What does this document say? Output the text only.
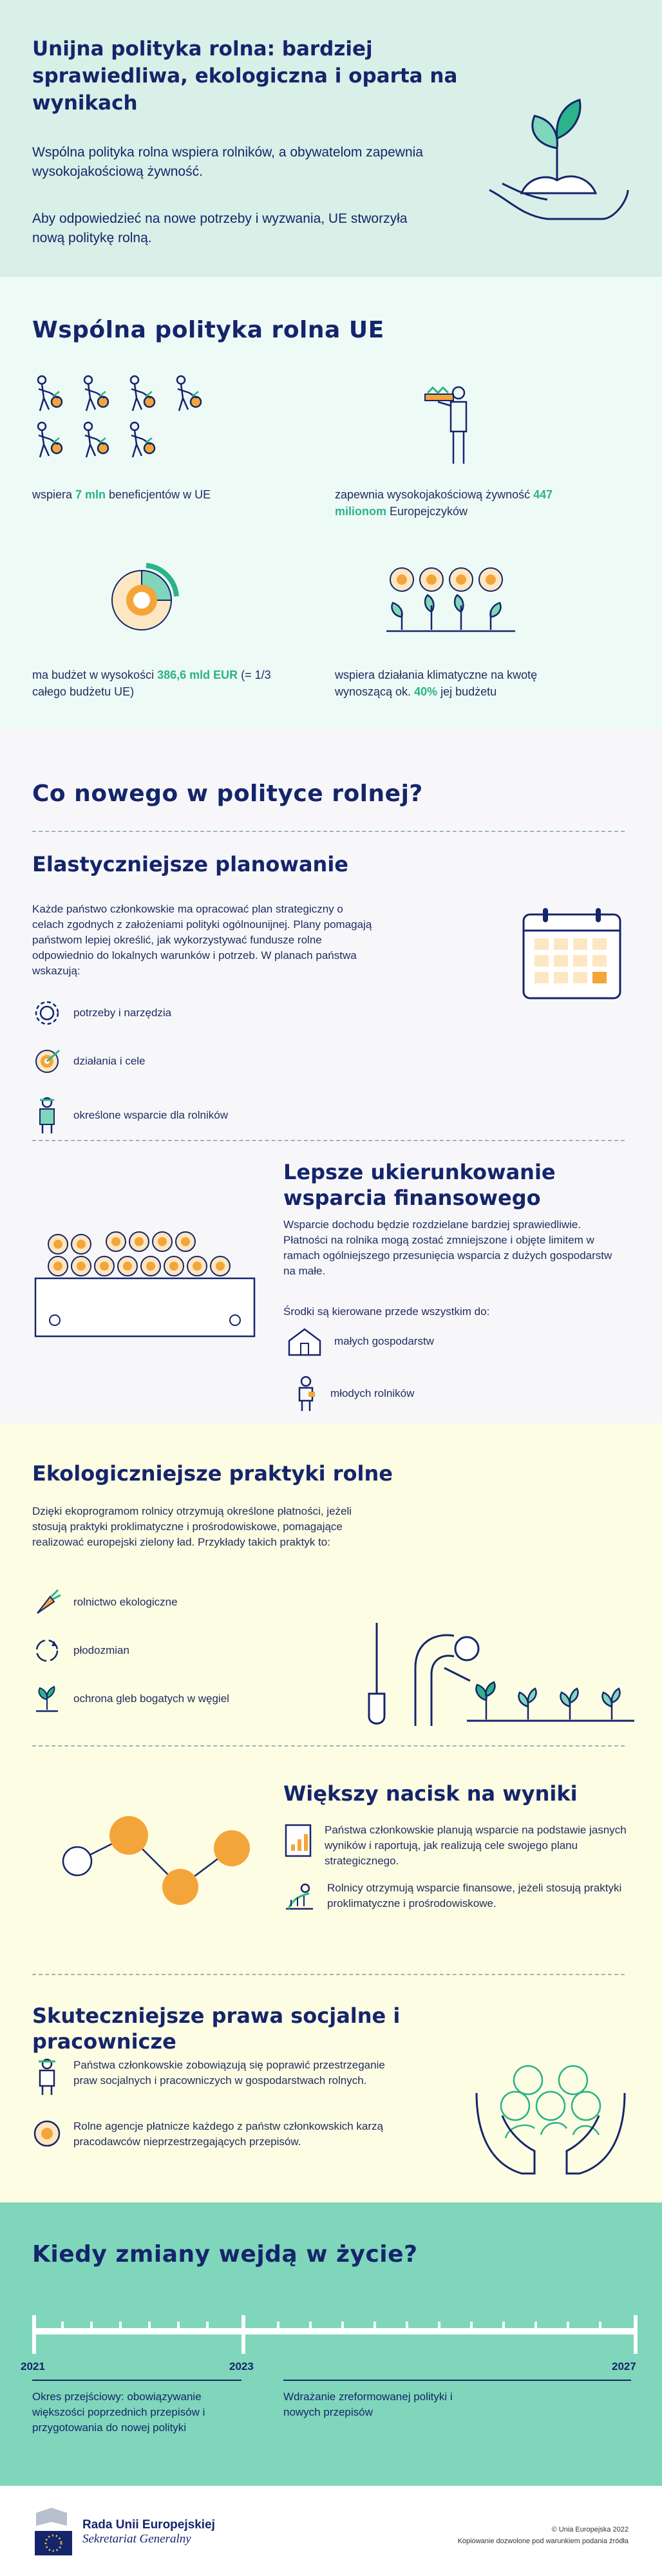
Unijna polityka rolna: bardziej sprawiedliwa, ekologiczna i oparta na wynikach

Wspólna polityka rolna wspiera rolników, a obywatelom zapewnia wysokojakościową żywność.

Aby odpowiedzieć na nowe potrzeby i wyzwania, UE stworzyła nową politykę rolną.

Wspólna polityka rolna UE

wspiera 7 mln beneficjentów w UE	zapewnia wysokojakościową żywność 447 milionom Europejczyków

ma budżet w wysokości 386,6 mld EUR (= 1/3 całego budżetu UE)

wspiera działania klimatyczne na kwotę wynoszącą ok. 40% jej budżetu

Co nowego w polityce rolnej?
Elastyczniejsze planowanie

Każde państwo członkowskie ma opracować plan strategiczny o celach zgodnych z założeniami polityki ogólnounijnej. Plany pomagają państwom lepiej określić, jak wykorzystywać fundusze rolne odpowiednio do lokalnych warunków i potrzeb. W planach państwa wskazują:

potrzeby i narzędzia
działania i cele
określone wsparcie dla rolników
Lepsze ukierunkowanie wsparcia finansowego

Wsparcie dochodu będzie rozdzielane bardziej sprawiedliwie. Płatności na rolnika mogą zostać zmniejszone i objęte limitem w ramach ogólniejszego przesunięcia wsparcia z dużych gospodarstw na małe.

Środki są kierowane przede wszystkim do:

małych gospodarstw
młodych rolników
Ekologiczniejsze praktyki rolne

Dzięki ekoprogramom rolnicy otrzymują określone płatności, jeżeli stosują praktyki proklimatyczne i prośrodowiskowe, pomagające realizować europejski zielony ład. Przykłady takich praktyk to:

rolnictwo ekologiczne
płodozmian
ochrona gleb bogatych w węgiel
Większy nacisk na wyniki

Państwa członkowskie planują wsparcie na podstawie jasnych wyników i raportują, jak realizują cele swojego planu strategicznego.

Rolnicy otrzymują wsparcie finansowe, jeżeli stosują praktyki proklimatyczne i prośrodowiskowe.

Skuteczniejsze prawa socjalne i pracownicze

Państwa członkowskie zobowiązują się poprawić przestrzeganie praw socjalnych i pracowniczych w gospodarstwach rolnych.

Rolne agencje płatnicze każdego z państw członkowskich karzą pracodawców nieprzestrzegających przepisów.

Kiedy zmiany wejdą w życie?
2021	2023	2027

Okres przejściowy: obowiązywanie większości poprzednich przepisów i przygotowania do nowej polityki

Wdrażanie zreformowanej polityki i nowych przepisów

Rada Unii Europejskiej
Sekretariat Generalny
© Unia Europejska 2022
Kopiowanie dozwolone pod warunkiem podania źródła
